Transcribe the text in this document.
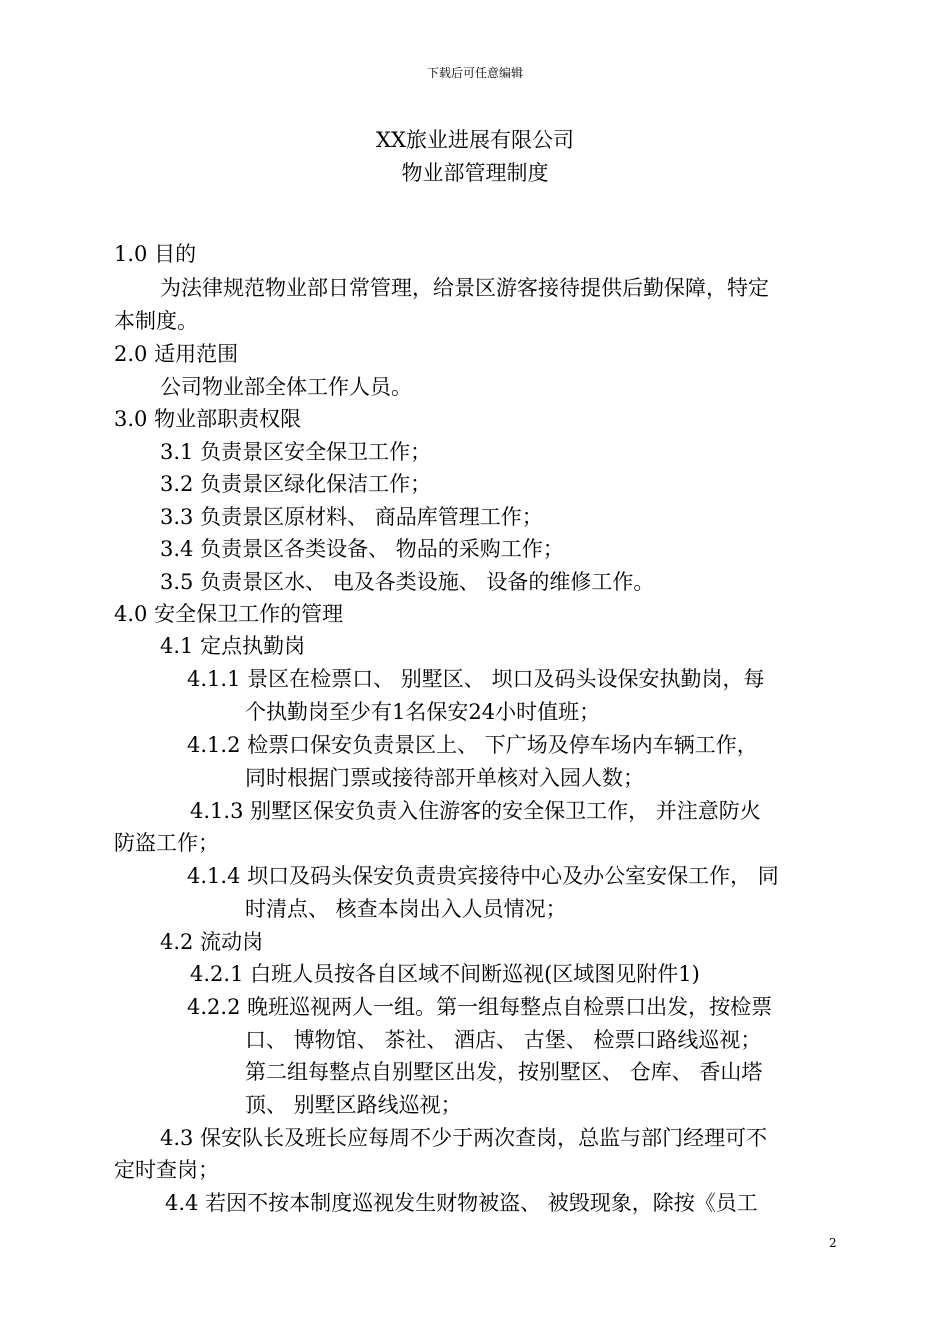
下载后可任意编辑
XX旅业进展有限公司
物业部管理制度
1.0 目的
为法律规范物业部日常管理，给景区游客接待提供后勤保障，特定
本制度。
2.0 适用范围
公司物业部全体工作人员。
3.0 物业部职责权限
3.1 负责景区安全保卫工作；
3.2 负责景区绿化保洁工作；
3.3 负责景区原材料、 商品库管理工作；
3.4 负责景区各类设备、 物品的采购工作；
3.5 负责景区水、 电及各类设施、 设备的维修工作。
4.0 安全保卫工作的管理
4.1 定点执勤岗
4.1.1 景区在检票口、 别墅区、 坝口及码头设保安执勤岗，每
个执勤岗至少有1名保安24小时值班；
4.1.2 检票口保安负责景区上、 下广场及停车场内车辆工作，
同时根据门票或接待部开单核对入园人数；
4.1.3 别墅区保安负责入住游客的安全保卫工作， 并注意防火
防盗工作；
4.1.4 坝口及码头保安负责贵宾接待中心及办公室安保工作， 同
时清点、 核查本岗出入人员情况；
4.2 流动岗
4.2.1 白班人员按各自区域不间断巡视(区域图见附件1)
4.2.2 晚班巡视两人一组。第一组每整点自检票口出发，按检票
口、 博物馆、 茶社、 酒店、 古堡、 检票口路线巡视；
第二组每整点自别墅区出发，按别墅区、 仓库、 香山塔
顶、 别墅区路线巡视；
4.3 保安队长及班长应每周不少于两次查岗，总监与部门经理可不
定时查岗；
4.4 若因不按本制度巡视发生财物被盗、 被毁现象，除按《员工
2
